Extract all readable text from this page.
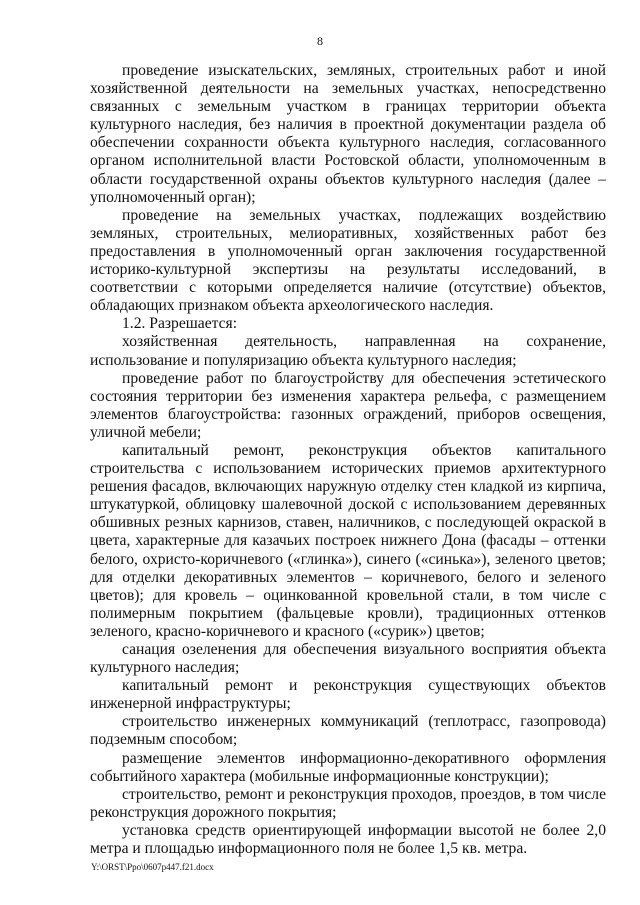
8

проведение изыскательских, земляных, строительных работ и иной хозяйственной деятельности на земельных участках, непосредственно связанных с земельным участком в границах территории объекта культурного наследия, без наличия в проектной документации раздела об обеспечении сохранности объекта культурного наследия, согласованного органом исполнительной власти Ростовской области, уполномоченным в области государственной охраны объектов культурного наследия (далее – уполномоченный орган);

проведение на земельных участках, подлежащих воздействию земляных, строительных, мелиоративных, хозяйственных работ без предоставления в уполномоченный орган заключения государственной историко-культурной экспертизы на результаты исследований, в соответствии с которыми определяется наличие (отсутствие) объектов, обладающих признаком объекта археологического наследия.

1.2. Разрешается:

хозяйственная деятельность, направленная на сохранение, использование и популяризацию объекта культурного наследия;

проведение работ по благоустройству для обеспечения эстетического состояния территории без изменения характера рельефа, с размещением элементов благоустройства: газонных ограждений, приборов освещения, уличной мебели;

капитальный ремонт, реконструкция объектов капитального строительства с использованием исторических приемов архитектурного решения фасадов, включающих наружную отделку стен кладкой из кирпича, штукатуркой, облицовку шалевочной доской с использованием деревянных обшивных резных карнизов, ставен, наличников, с последующей окраской в цвета, характерные для казачьих построек нижнего Дона (фасады – оттенки белого, охристо-коричневого («глинка»), синего («синька»), зеленого цветов; для отделки декоративных элементов – коричневого, белого и зеленого цветов); для кровель – оцинкованной кровельной стали, в том числе с полимерным покрытием (фальцевые кровли), традиционных оттенков зеленого, красно-коричневого и красного («сурик») цветов;

санация озеленения для обеспечения визуального восприятия объекта культурного наследия;

капитальный ремонт и реконструкция существующих объектов инженерной инфраструктуры;

строительство инженерных коммуникаций (теплотрасс, газопровода) подземным способом;

размещение элементов информационно-декоративного оформления событийного характера (мобильные информационные конструкции);

строительство, ремонт и реконструкция проходов, проездов, в том числе реконструкция дорожного покрытия;

установка средств ориентирующей информации высотой не более 2,0 метра и площадью информационного поля не более 1,5 кв. метра.

Y:\ORST\Ppo\0607p447.f21.docx
